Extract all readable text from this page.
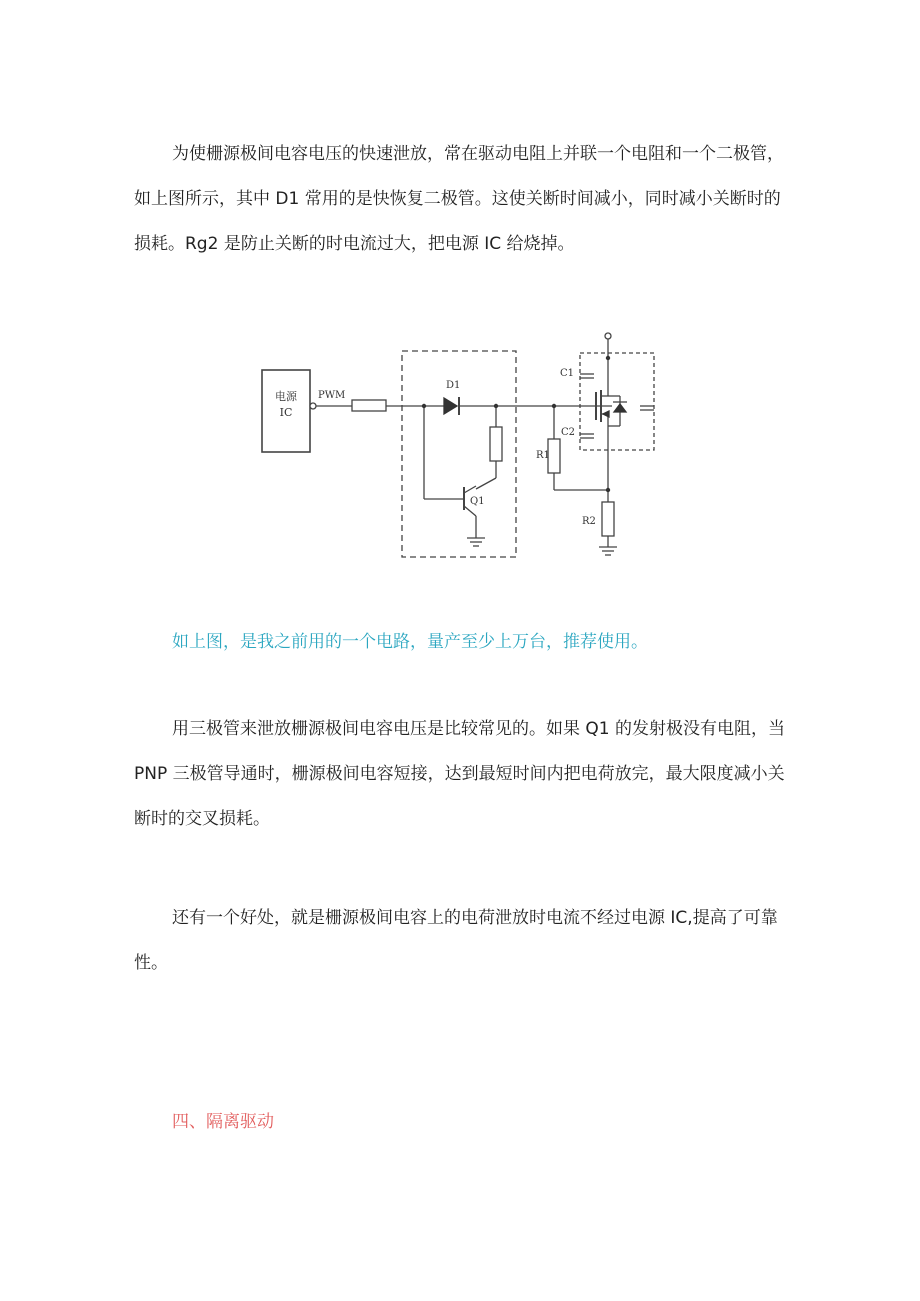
为使栅源极间电容电压的快速泄放，常在驱动电阻上并联一个电阻和一个二极管，如上图所示，其中 D1 常用的是快恢复二极管。这使关断时间减小，同时减小关断时的损耗。Rg2 是防止关断的时电流过大，把电源 IC 给烧掉。

电源
IC
PWM
D1
Q1
C1
C2
R1
R2

如上图，是我之前用的一个电路，量产至少上万台，推荐使用。

用三极管来泄放栅源极间电容电压是比较常见的。如果 Q1 的发射极没有电阻，当 PNP 三极管导通时，栅源极间电容短接，达到最短时间内把电荷放完，最大限度减小关断时的交叉损耗。

还有一个好处，就是栅源极间电容上的电荷泄放时电流不经过电源 IC,提高了可靠性。

四、隔离驱动
